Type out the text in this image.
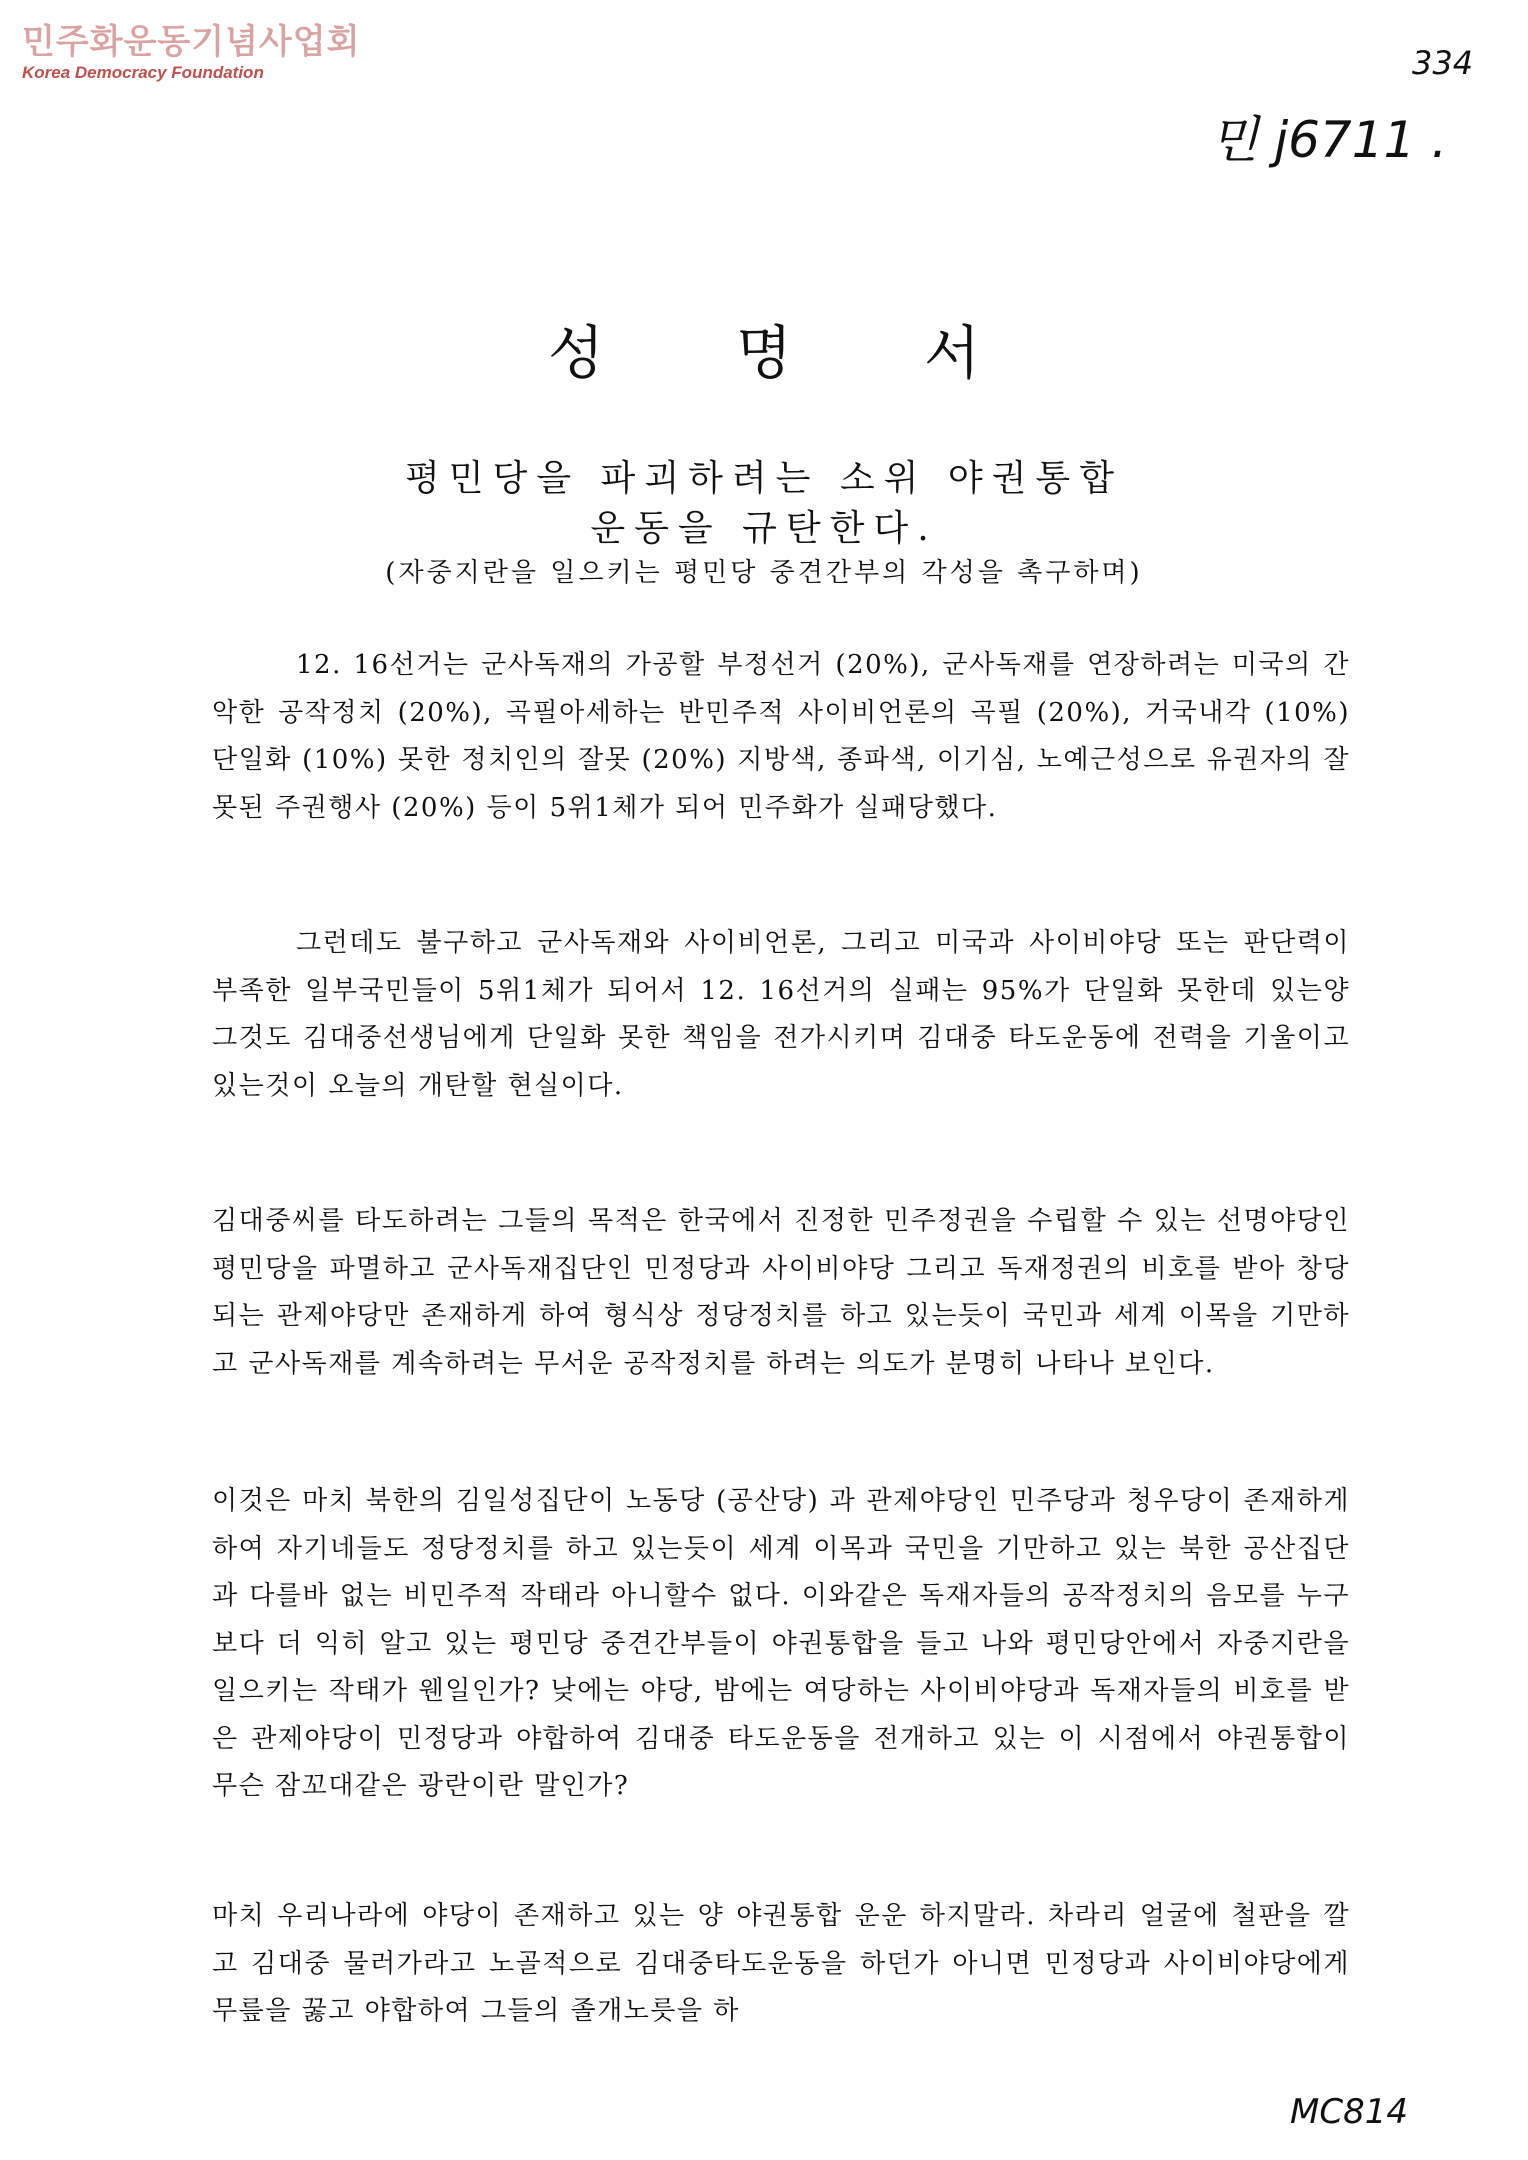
민주화운동기념사업회
Korea Democracy Foundation	334
민 j6711 .
성명서
평민당을 파괴하려는 소위 야권통합
운동을 규탄한다.
(자중지란을 일으키는 평민당 중견간부의 각성을 촉구하며)

12. 16선거는 군사독재의 가공할 부정선거 (20%), 군사독재를 연장하려는 미국의 간악한 공작정치 (20%), 곡필아세하는 반민주적 사이비언론의 곡필 (20%), 거국내각 (10%) 단일화 (10%) 못한 정치인의 잘못 (20%) 지방색, 종파색, 이기심, 노예근성으로 유권자의 잘못된 주권행사 (20%) 등이 5위1체가 되어 민주화가 실패당했다.

그런데도 불구하고 군사독재와 사이비언론, 그리고 미국과 사이비야당 또는 판단력이 부족한 일부국민들이 5위1체가 되어서 12. 16선거의 실패는 95%가 단일화 못한데 있는양 그것도 김대중선생님에게 단일화 못한 책임을 전가시키며 김대중 타도운동에 전력을 기울이고 있는것이 오늘의 개탄할 현실이다.

김대중씨를 타도하려는 그들의 목적은 한국에서 진정한 민주정권을 수립할 수 있는 선명야당인 평민당을 파멸하고 군사독재집단인 민정당과 사이비야당 그리고 독재정권의 비호를 받아 창당되는 관제야당만 존재하게 하여 형식상 정당정치를 하고 있는듯이 국민과 세계 이목을 기만하고 군사독재를 계속하려는 무서운 공작정치를 하려는 의도가 분명히 나타나 보인다.

이것은 마치 북한의 김일성집단이 노동당 (공산당) 과 관제야당인 민주당과 청우당이 존재하게 하여 자기네들도 정당정치를 하고 있는듯이 세계 이목과 국민을 기만하고 있는 북한 공산집단과 다를바 없는 비민주적 작태라 아니할수 없다. 이와같은 독재자들의 공작정치의 음모를 누구보다 더 익히 알고 있는 평민당 중견간부들이 야권통합을 들고 나와 평민당안에서 자중지란을 일으키는 작태가 웬일인가? 낮에는 야당, 밤에는 여당하는 사이비야당과 독재자들의 비호를 받은 관제야당이 민정당과 야합하여 김대중 타도운동을 전개하고 있는 이 시점에서 야권통합이 무슨 잠꼬대같은 광란이란 말인가?

마치 우리나라에 야당이 존재하고 있는 양 야권통합 운운 하지말라. 차라리 얼굴에 철판을 깔고 김대중 물러가라고 노골적으로 김대중타도운동을 하던가 아니면 민정당과 사이비야당에게 무릎을 꿇고 야합하여 그들의 졸개노릇을 하

MC814
